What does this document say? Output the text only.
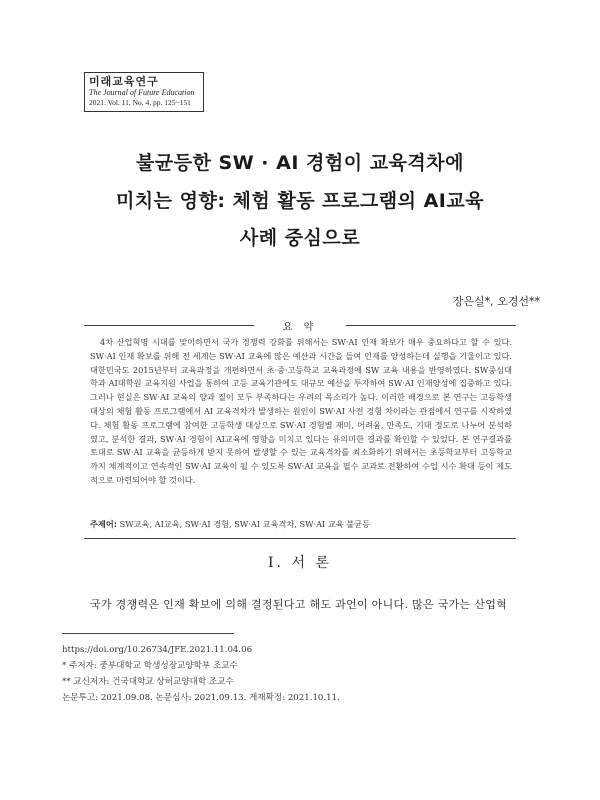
미래교육연구
The Journal of Future Education
2021. Vol. 11, No. 4, pp. 125~151
불균등한 SW · AI 경험이 교육격차에
미치는 영향: 체험 활동 프로그램의 AI교육
사례 중심으로
장은실*, 오경선**
요 약
4차 산업혁명 시대를 맞이하면서 국가 경쟁력 강화를 위해서는 SW·AI 인재 확보가 매우 중요하다고 할 수 있다. SW·AI 인재 확보를 위해 전 세계는 SW·AI 교육에 많은 예산과 시간을 들여 인재를 양성하는데 실행을 기울이고 있다. 대한민국도 2015년부터 교육과정을 개편하면서 초·중·고등학교 교육과정에 SW 교육 내용을 반영하였다. SW중심대학과 AI대학원 교육지원 사업을 통하여 고등 교육기관에도 대규모 예산을 투자하여 SW·AI 인재양성에 집중하고 있다. 그러나 현실은 SW·AI 교육의 양과 질이 모두 부족하다는 우려의 목소리가 높다. 이러한 배경으로 본 연구는 고등학생 대상의 체험 활동 프로그램에서 AI 교육격차가 발생하는 원인이 SW·AI 사전 경험 차이라는 관점에서 연구를 시작하였다. 체험 활동 프로그램에 참여한 고등학생 대상으로 SW·AI 경험별 재미, 어려움, 만족도, 기대 정도로 나누어 분석하였고, 분석한 결과, SW·AI 경험이 AI교육에 영향을 미치고 있다는 유의미한 결과를 확인할 수 있었다. 본 연구결과를 토대로 SW·AI 교육을 균등하게 받지 못하여 발생할 수 있는 교육격차를 최소화하기 위해서는 초등학교부터 고등학교까지 체계적이고 연속적인 SW·AI 교육이 될 수 있도록 SW·AI 교육을 필수 교과로 전환하여 수업 시수 확대 등이 제도적으로 마련되어야 할 것이다.
주제어: SW교육, AI교육, SW·AI 경험, SW·AI 교육격차, SW·AI 교육 불균등
Ⅰ. 서 론
국가 경쟁력은 인재 확보에 의해 결정된다고 해도 과언이 아니다. 많은 국가는 산업혁
https://doi.org/10.26734/JFE.2021.11.04.06
* 주저자: 중부대학교 학생성장교양학부 조교수
** 교신저자: 건국대학교 상허교양대학 조교수
논문투고: 2021.09.08. 논문심사: 2021.09.13. 게재확정: 2021.10.11.
